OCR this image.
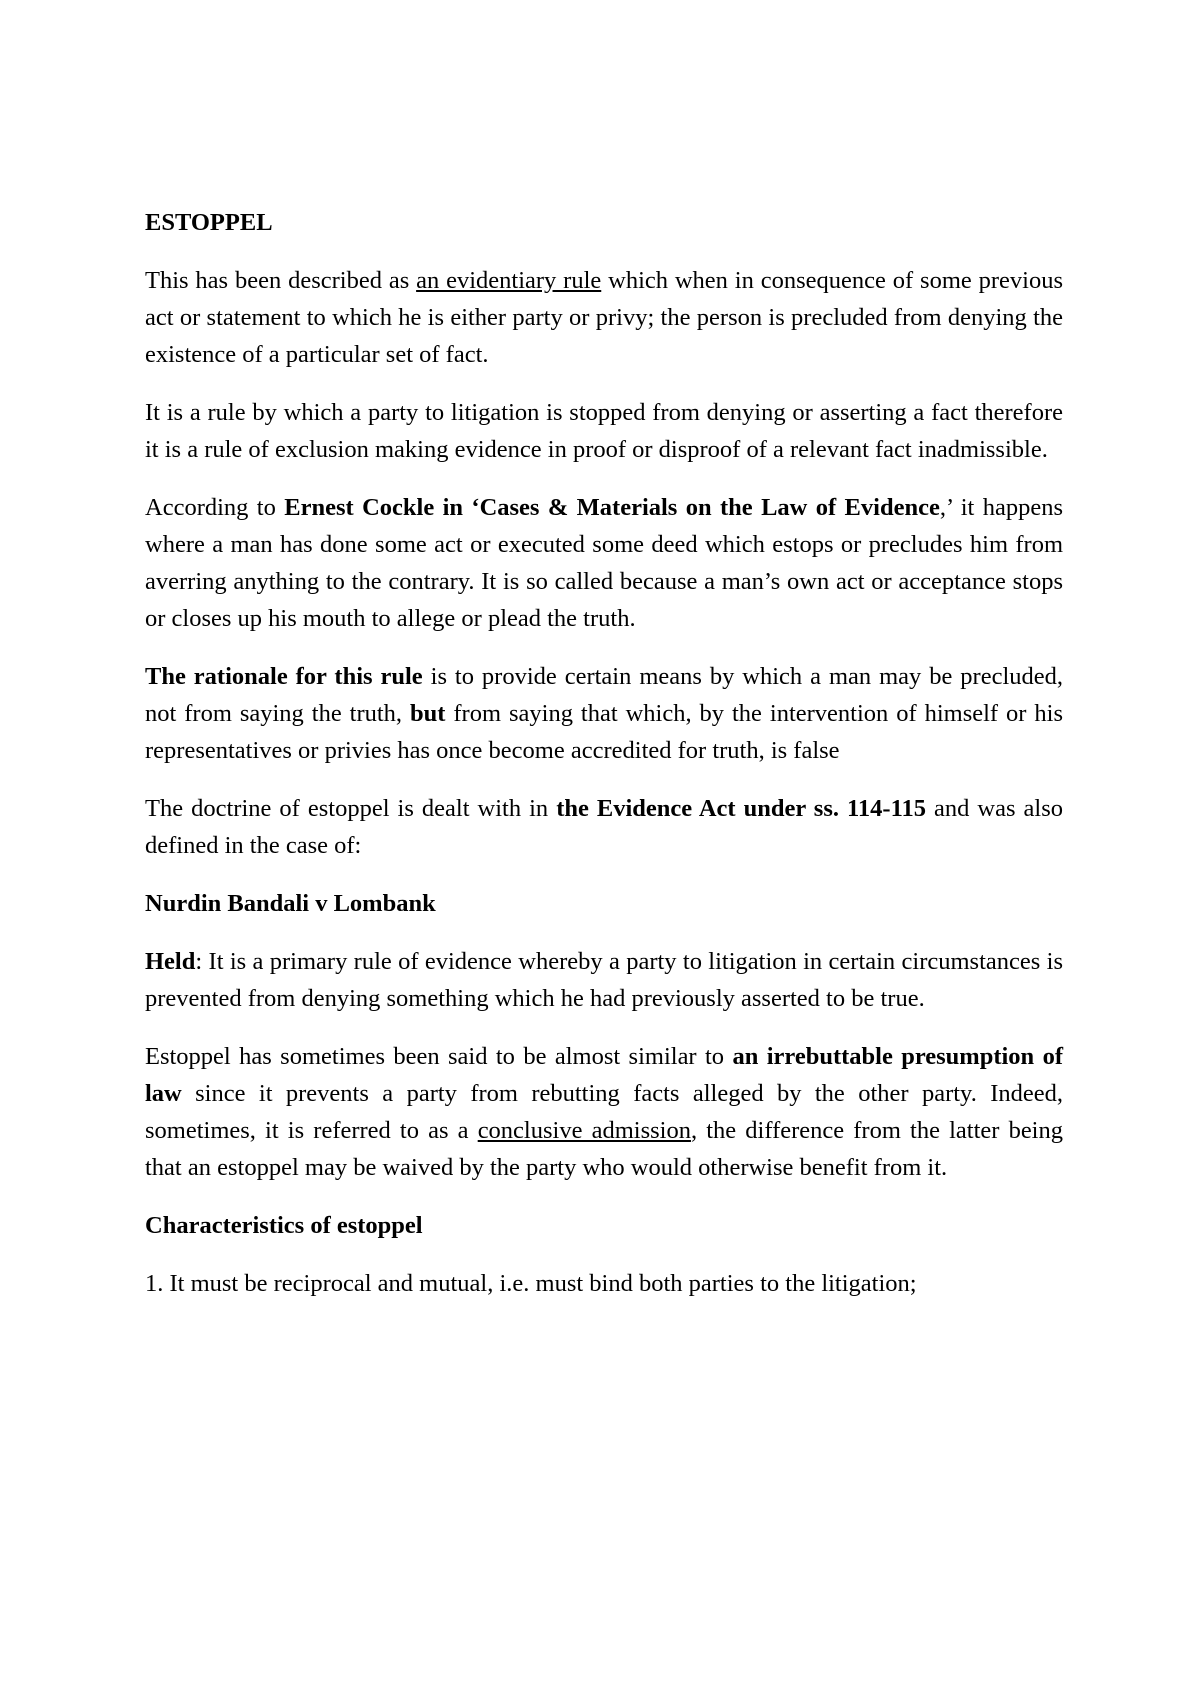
ESTOPPEL
This has been described as an evidentiary rule which when in consequence of some previous act or statement to which he is either party or privy; the person is precluded from denying the existence of a particular set of fact.
It is a rule by which a party to litigation is stopped from denying or asserting a fact therefore it is a rule of exclusion making evidence in proof or disproof of a relevant fact inadmissible.
According to Ernest Cockle in ‘Cases & Materials on the Law of Evidence,’ it happens where a man has done some act or executed some deed which estops or precludes him from averring anything to the contrary. It is so called because a man’s own act or acceptance stops or closes up his mouth to allege or plead the truth.
The rationale for this rule is to provide certain means by which a man may be precluded, not from saying the truth, but from saying that which, by the intervention of himself or his representatives or privies has once become accredited for truth, is false
The doctrine of estoppel is dealt with in the Evidence Act under ss. 114-115 and was also defined in the case of:
Nurdin Bandali v Lombank
Held: It is a primary rule of evidence whereby a party to litigation in certain circumstances is prevented from denying something which he had previously asserted to be true.
Estoppel has sometimes been said to be almost similar to an irrebuttable presumption of law since it prevents a party from rebutting facts alleged by the other party. Indeed, sometimes, it is referred to as a conclusive admission, the difference from the latter being that an estoppel may be waived by the party who would otherwise benefit from it.
Characteristics of estoppel
1. It must be reciprocal and mutual, i.e. must bind both parties to the litigation;
